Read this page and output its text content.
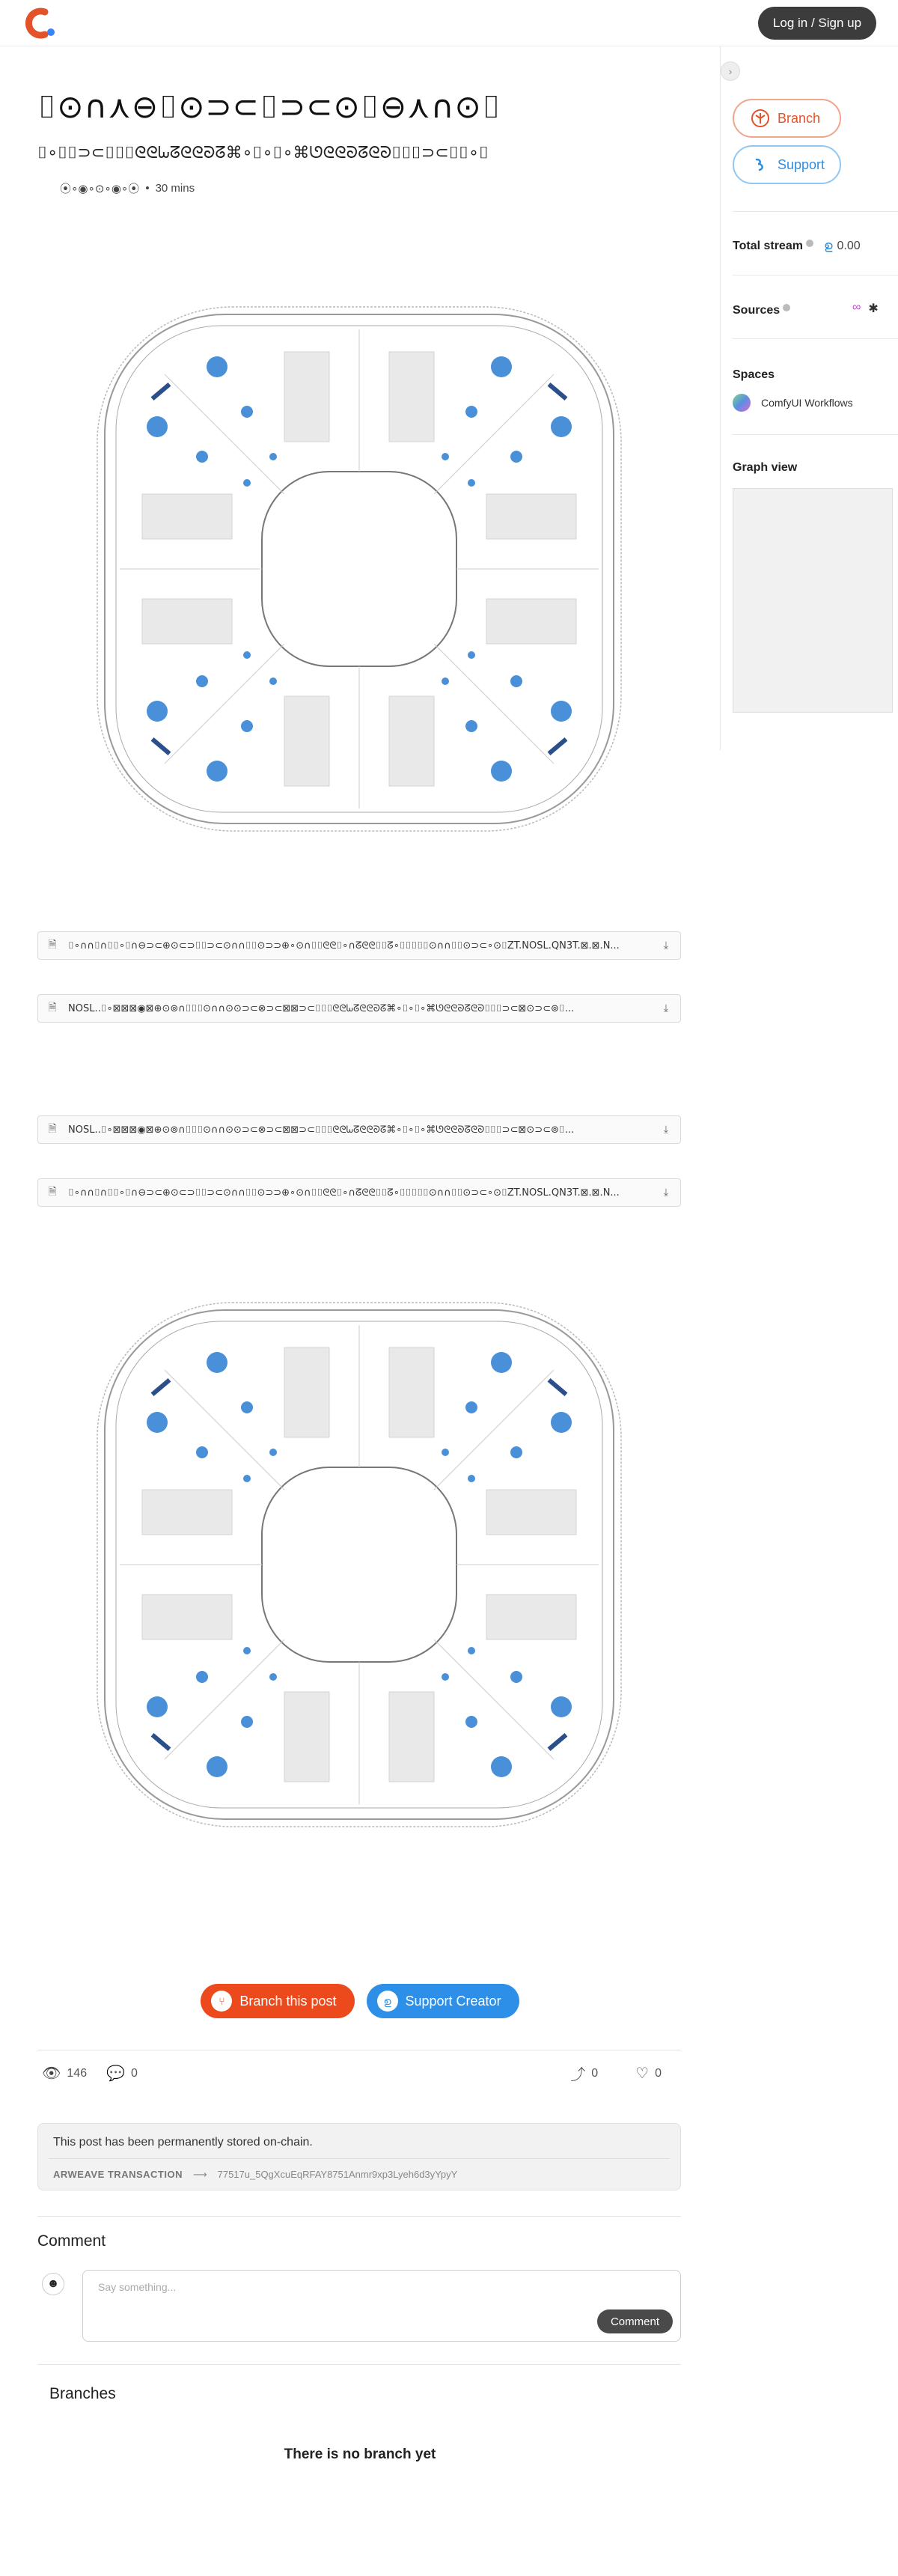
Log in / Sign up
›
Branch
Support
Total stream	ഉ 0.00
Sources	∞ ✱
Spaces
ComfyUI Workflows
Graph view
⌷⊙∩⋏⊖⌷⊙⊃⊂⌷⊃⊂⊙⌷⊖⋏∩⊙⌷
⌷∘⌷⌷⊃⊂⌷⌷⌷ᘓᘓᘈᘔᘓᘓᘐᘔ⌘∘⌷∘⌷∘⌘ᘎᘓᘓᘐᘔᘓᘐ⌷⌷⌷⊃⊂⌷⌷∘⌷
⦿∘◉∘⊙∘◉∘⦿ • 30 mins
🗎 ⌷∘∩∩⌷∩⌷⌷∘⌷∩⊖⊃⊂⊕⊙⊂⊃⌷⌷⊃⊂⊙∩∩⌷⌷⊙⊃⊃⊕∘⊙∩⌷⌷ᘓᘓ⌷∘∩ᘔᘓᘓ⌷⌷ᘔ∘⌷⌷⌷⌷⌷⊙∩∩⌷⌷⊙⊃⊂∘⊙⌷ZT.NOSL.QN3T.⊠.⊠.N...	⤓
🗎 NOSL..⌷∘⊠⊠⊠◉⊠⊕⊙⊚∩⌷⌷⌷⊙∩∩⊙⊙⊃⊂⊗⊃⊂⊠⊠⊃⊂⌷⌷⌷ᘓᘓᘈᘔᘓᘓᘐᘔ⌘∘⌷∘⌷∘⌘ᘎᘓᘓᘐᘔᘓᘐ⌷⌷⌷⊃⊂⊠⊙⊃⊂⊚⌷...	⤓
🗎 NOSL..⌷∘⊠⊠⊠◉⊠⊕⊙⊚∩⌷⌷⌷⊙∩∩⊙⊙⊃⊂⊗⊃⊂⊠⊠⊃⊂⌷⌷⌷ᘓᘓᘈᘔᘓᘓᘐᘔ⌘∘⌷∘⌷∘⌘ᘎᘓᘓᘐᘔᘓᘐ⌷⌷⌷⊃⊂⊠⊙⊃⊂⊚⌷...	⤓
🗎 ⌷∘∩∩⌷∩⌷⌷∘⌷∩⊖⊃⊂⊕⊙⊂⊃⌷⌷⊃⊂⊙∩∩⌷⌷⊙⊃⊃⊕∘⊙∩⌷⌷ᘓᘓ⌷∘∩ᘔᘓᘓ⌷⌷ᘔ∘⌷⌷⌷⌷⌷⊙∩∩⌷⌷⊙⊃⊂∘⊙⌷ZT.NOSL.QN3T.⊠.⊠.N...	⤓
⑂	Branch this post	ഉ	Support Creator
👁 146 💬 0	⤴ 0	♡ 0
This post has been permanently stored on-chain.
ARWEAVE TRANSACTION ⟶ 77517u_5QgXcuEqRFAY8751Anmr9xp3Lyeh6d3yYpyY
Comment
☻	Say something...
Comment
Branches
There is no branch yet
